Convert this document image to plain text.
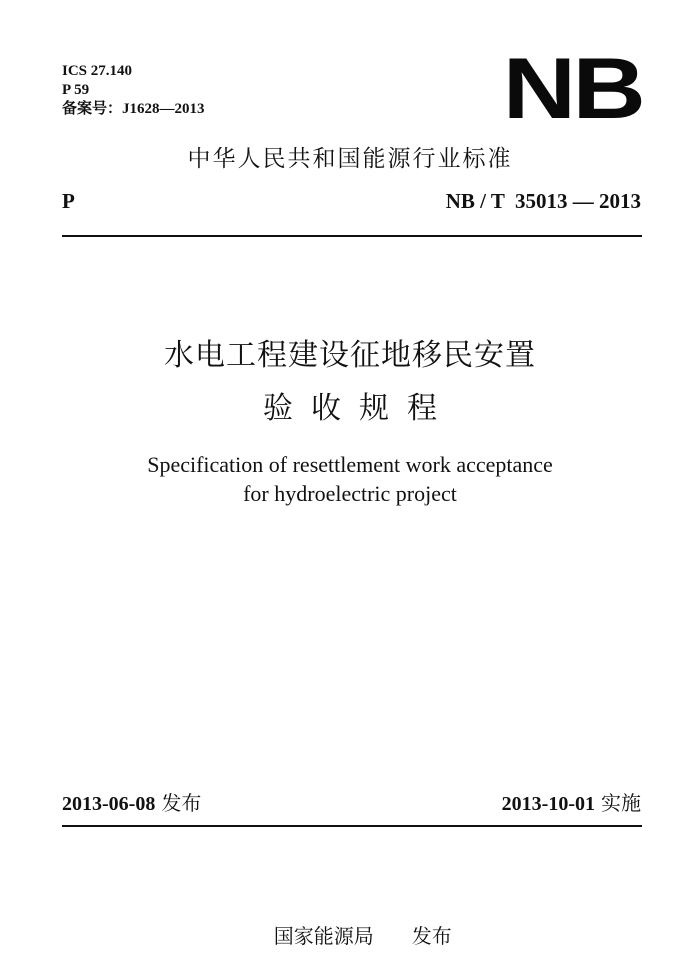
ICS 27.140
P 59
备案号：J1628—2013	NB
中华人民共和国能源行业标准
P	NB / T  35013 — 2013
水电工程建设征地移民安置
验收规程
Specification of resettlement work acceptance
for hydroelectric project
2013-06-08 发布	2013-10-01 实施

国家能源局 发布
